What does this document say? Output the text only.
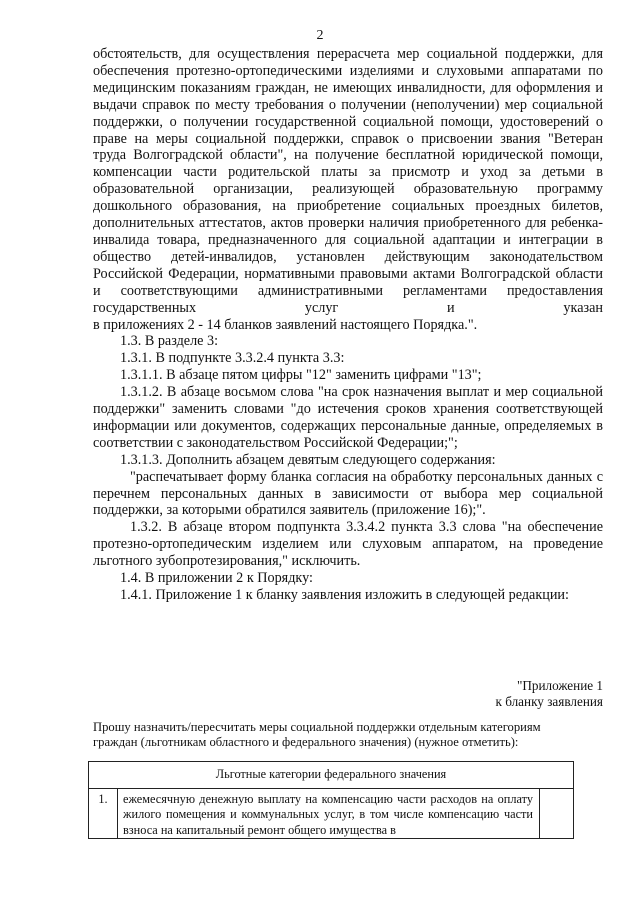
2

обстоятельств, для осуществления перерасчета мер социальной поддержки, для обеспечения протезно-ортопедическими изделиями и слуховыми аппаратами по медицинским показаниям граждан, не имеющих инвалидности, для оформления и выдачи справок по месту требования о получении (неполучении) мер социальной поддержки, о получении государственной социальной помощи, удостоверений о праве на меры социальной поддержки, справок о присвоении звания "Ветеран труда Волгоградской области", на получение бесплатной юридической помощи, компенсации части родительской платы за присмотр и уход за детьми в образовательной организации, реализующей образовательную программу дошкольного образования, на приобретение социальных проездных билетов, дополнительных аттестатов, актов проверки наличия приобретенного для ребенка-инвалида товара, предназначенного для социальной адаптации и интеграции в общество детей-инвалидов, установлен действующим законодательством Российской Федерации, нормативными правовыми актами Волгоградской области и соответствующими административными регламентами предоставления государственных услуг и указан

в приложениях 2 - 14 бланков заявлений настоящего Порядка.".

1.3. В разделе 3:

1.3.1. В подпункте 3.3.2.4 пункта 3.3:

1.3.1.1. В абзаце пятом цифры "12" заменить цифрами "13";

1.3.1.2. В абзаце восьмом слова "на срок назначения выплат и мер социальной поддержки" заменить словами "до истечения сроков хранения соответствующей информации или документов, содержащих персональные данные, определяемых в соответствии с законодательством Российской Федерации;";

1.3.1.3. Дополнить абзацем девятым следующего содержания:

"распечатывает форму бланка согласия на обработку персональных данных с перечнем персональных данных в зависимости от выбора мер социальной поддержки, за которыми обратился заявитель (приложение 16);".

1.3.2. В абзаце втором подпункта 3.3.4.2 пункта 3.3 слова "на обеспечение протезно-ортопедическим изделием или слуховым аппаратом, на проведение льготного зубопротезирования," исключить.

1.4. В приложении 2 к Порядку:

1.4.1. Приложение 1 к бланку заявления изложить в следующей редакции:

"Приложение 1
к бланку заявления

Прошу назначить/пересчитать меры социальной поддержки отдельным категориям

граждан (льготникам областного и федерального значения) (нужное отметить):

Льготные категории федерального значения
1.	ежемесячную денежную выплату на компенсацию части расходов на оплату жилого помещения и коммунальных услуг, в том числе компенсацию части взноса на капитальный ремонт общего имущества в	
